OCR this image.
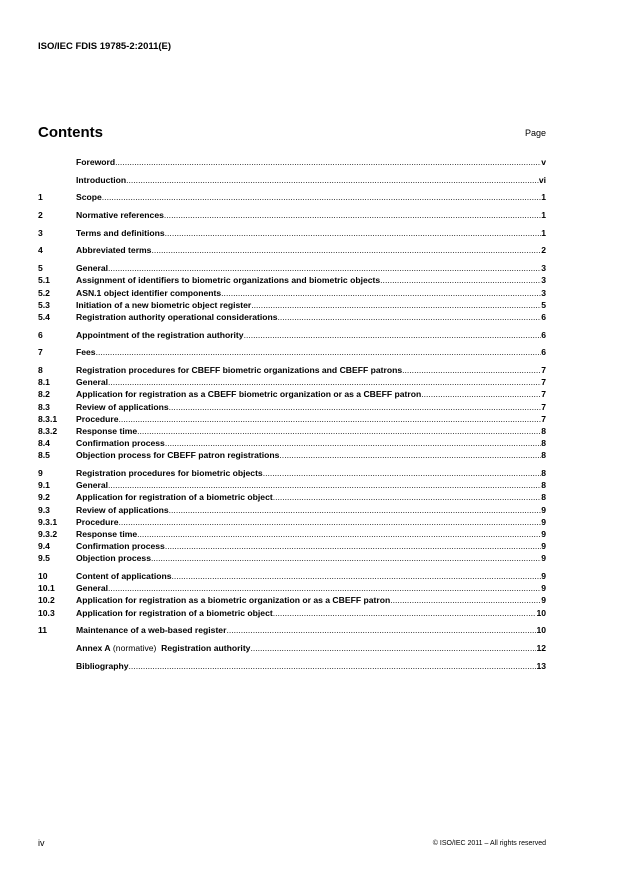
ISO/IEC FDIS 19785-2:2011(E)
Contents	Page
Foreword .....	v
Introduction .....	vi
1	Scope .....	1
2	Normative references .....	1
3	Terms and definitions .....	1
4	Abbreviated terms .....	2
5	General .....	3
5.1	Assignment of identifiers to biometric organizations and biometric objects .....	3
5.2	ASN.1 object identifier components .....	3
5.3	Initiation of a new biometric object register .....	5
5.4	Registration authority operational considerations .....	6
6	Appointment of the registration authority .....	6
7	Fees .....	6
8	Registration procedures for CBEFF biometric organizations and CBEFF patrons .....	7
8.1	General .....	7
8.2	Application for registration as a CBEFF biometric organization or as a CBEFF patron .....	7
8.3	Review of applications .....	7
8.3.1	Procedure .....	7
8.3.2	Response time .....	8
8.4	Confirmation process .....	8
8.5	Objection process for CBEFF patron registrations .....	8
9	Registration procedures for biometric objects .....	8
9.1	General .....	8
9.2	Application for registration of a biometric object .....	8
9.3	Review of applications .....	9
9.3.1	Procedure .....	9
9.3.2	Response time .....	9
9.4	Confirmation process .....	9
9.5	Objection process .....	9
10	Content of applications .....	9
10.1	General .....	9
10.2	Application for registration as a biometric organization or as a CBEFF patron .....	9
10.3	Application for registration of a biometric object .....	10
11	Maintenance of a web-based register .....	10
Annex A (normative)  Registration authority .....	12
Bibliography .....	13
iv	© ISO/IEC 2011 – All rights reserved
